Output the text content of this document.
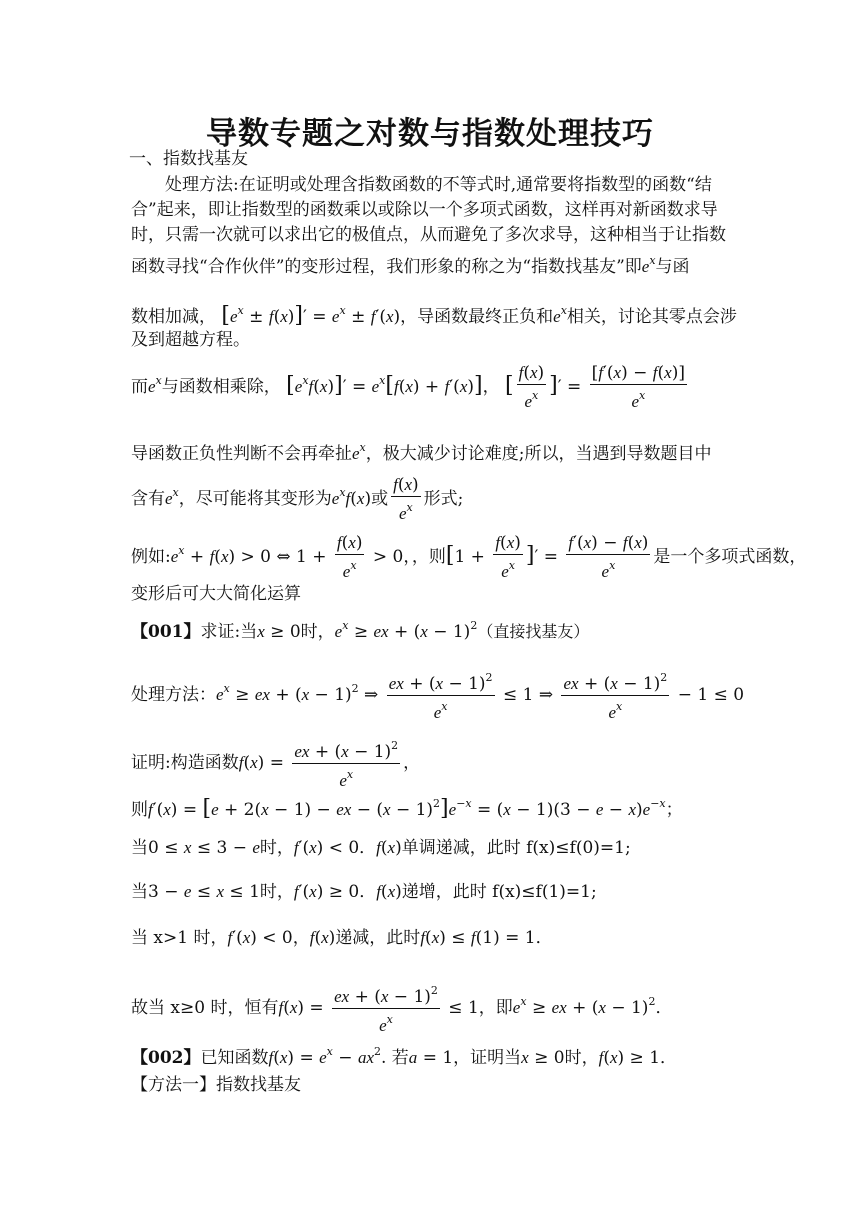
导数专题之对数与指数处理技巧
一、指数找基友
处理方法:在证明或处理含指数函数的不等式时,通常要将指数型的函数“结
合”起来，即让指数型的函数乘以或除以一个多项式函数，这样再对新函数求导
时，只需一次就可以求出它的极值点，从而避免了多次求导，这种相当于让指数
函数寻找“合作伙伴”的变形过程，我们形象的称之为“指数找基友”即$e^x$与函
数相加减， $[e^x \pm f(x)]' = e^x \pm f'(x)$，导函数最终正负和$e^x$相关，讨论其零点会涉
及到超越方程。
而$e^x$与函数相乘除， $[e^xf(x)]' = e^x[f(x) + f'(x)]$， [ $\frac{f(x)}{e^x}$ ]′ = $\frac{[f'(x) - f(x)]}{e^x}$
导函数正负性判断不会再牵扯$e^x$，极大减少讨论难度;所以，当遇到导数题目中
含有$e^x$，尽可能将其变形为$e^xf(x)$或 $\frac{f(x)}{e^x}$ 形式;
例如$:e^x + f(x) > 0$ ⇔ $1 + \frac{f(x)}{e^x} > 0$，，则[$1 + \frac{f(x)}{e^x}$ ]′ = $\frac{f'(x) - f(x)}{e^x}$ 是一个多项式函数，
变形后可大大简化运算
【001】求证:当x ≥ 0时，$e^x$ ≥ ex + $(x - 1)^2$（直接找基友）
处理方法：$e^x$ ≥ ex + $(x - 1)^2$ ⇒ $\frac{ex + (x - 1)^2}{e^x} \le 1$ ⇒ $\frac{ex + (x - 1)^2}{e^x} - 1 \le 0$
证明:构造函数$f(x) = \frac{ex + (x - 1)^2}{e^x}$ ，
则f′(x) = [e + 2(x − 1) − ex − $(x - 1)^2]e^{-x} = (x - 1)(3 - e - x)e^{-x}$；
当0 ≤ x ≤ 3 − e时，f′(x) < 0．f(x)单调递减，此时 f(x)≤f(0)=1;
当3 − e ≤ x ≤ 1时，f′(x) ≥ 0．f(x)递增，此时 f(x)≤f(1)=1;
当 x>1 时，f′(x) < 0，f(x)递减，此时f(x) ≤ f(1) = 1．
故当 x≥0 时，恒有$f(x) = \frac{ex + (x - 1)^2}{e^x} \le 1$，即$e^x$ ≥ ex + $(x - 1)^2$．
【002】已知函数$f(x) = e^x - ax^2$. 若a = 1，证明当x ≥ 0时，f(x) ≥ 1．
【方法一】指数找基友
